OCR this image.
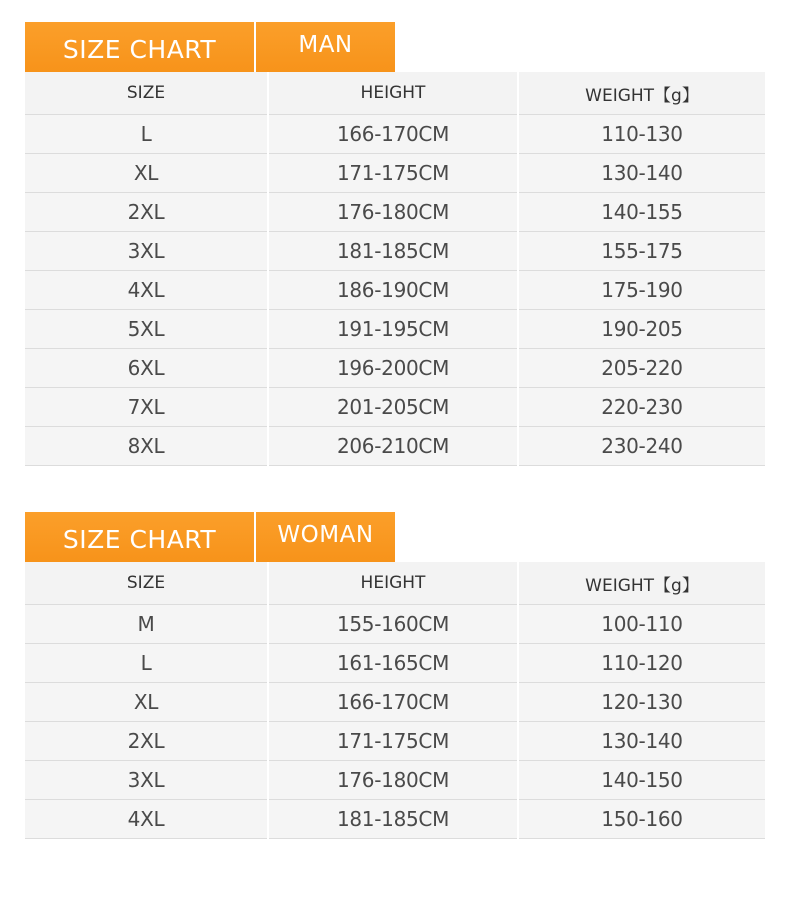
SIZE CHART	MAN
SIZE	HEIGHT	WEIGHT【g】
L	166-170CM	110-130
XL	171-175CM	130-140
2XL	176-180CM	140-155
3XL	181-185CM	155-175
4XL	186-190CM	175-190
5XL	191-195CM	190-205
6XL	196-200CM	205-220
7XL	201-205CM	220-230
8XL	206-210CM	230-240
SIZE CHART	WOMAN
SIZE	HEIGHT	WEIGHT【g】
M	155-160CM	100-110
L	161-165CM	110-120
XL	166-170CM	120-130
2XL	171-175CM	130-140
3XL	176-180CM	140-150
4XL	181-185CM	150-160
